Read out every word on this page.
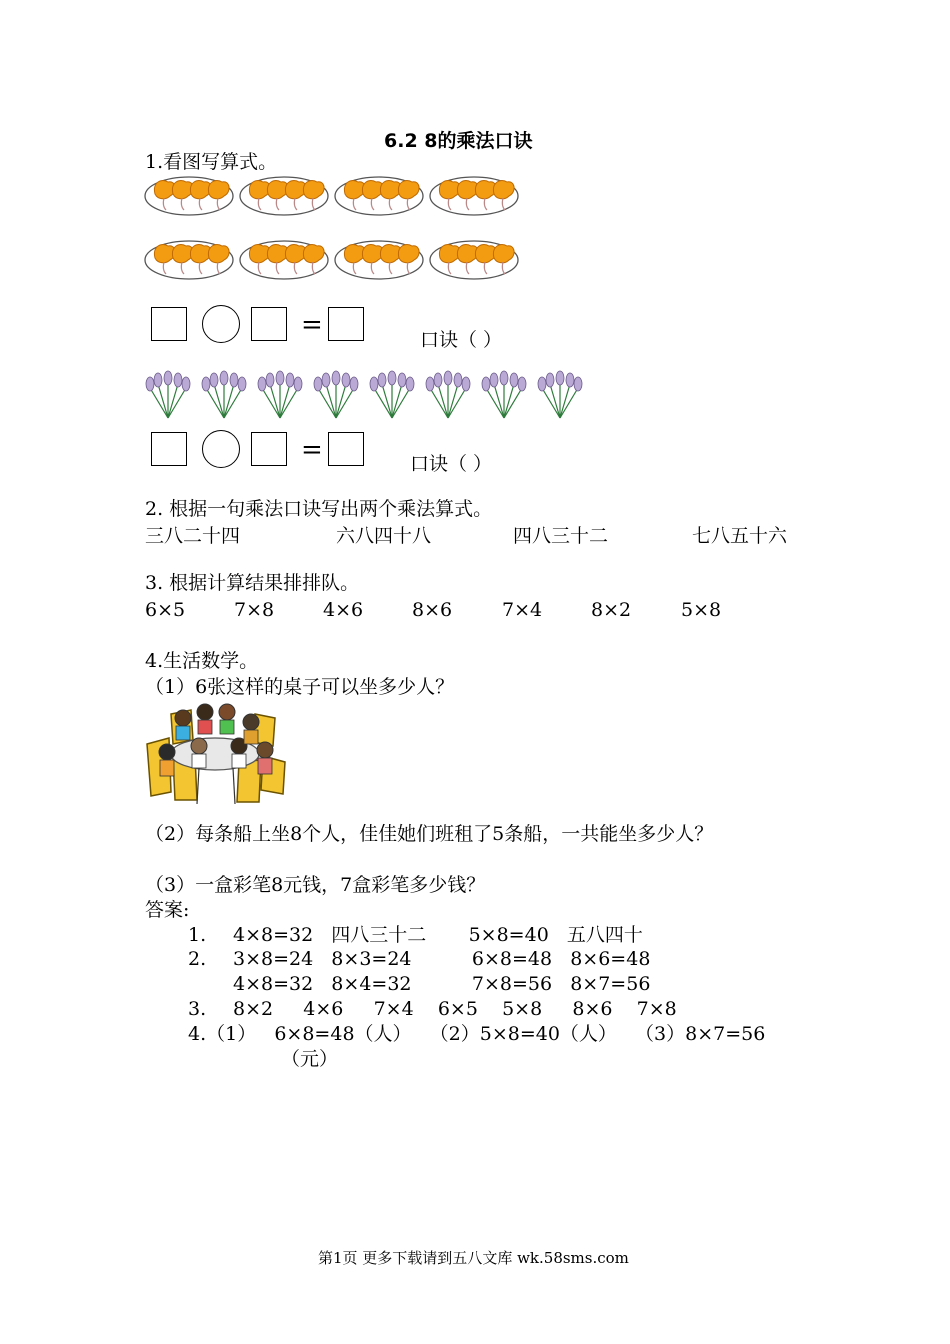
6.2 8的乘法口诀
1.看图写算式。
=	口诀（ ）
=	口诀（ ）
2. 根据一句乘法口诀写出两个乘法算式。
三八二十四	六八四十八	四八三十二	七八五十六
3. 根据计算结果排排队。
6×5	7×8	4×6	8×6	7×4	8×2	5×8
4.生活数学。
（1）6张这样的桌子可以坐多少人？
（2）每条船上坐8个人，佳佳她们班租了5条船，一共能坐多少人？
（3）一盒彩笔8元钱，7盒彩笔多少钱？
答案:
1. 4×8=32   四八三十二       5×8=40   五八四十
2. 3×8=24   8×3=24          6×8=48   8×6=48
4×8=32   8×4=32          7×8=56   8×7=56
3. 8×2     4×6     7×4    6×5    5×8     8×6    7×8
4.（1）   6×8=48（人）   （2）5×8=40（人）   （3）8×7=56
（元）
第1页 更多下载请到五八文库 wk.58sms.com
